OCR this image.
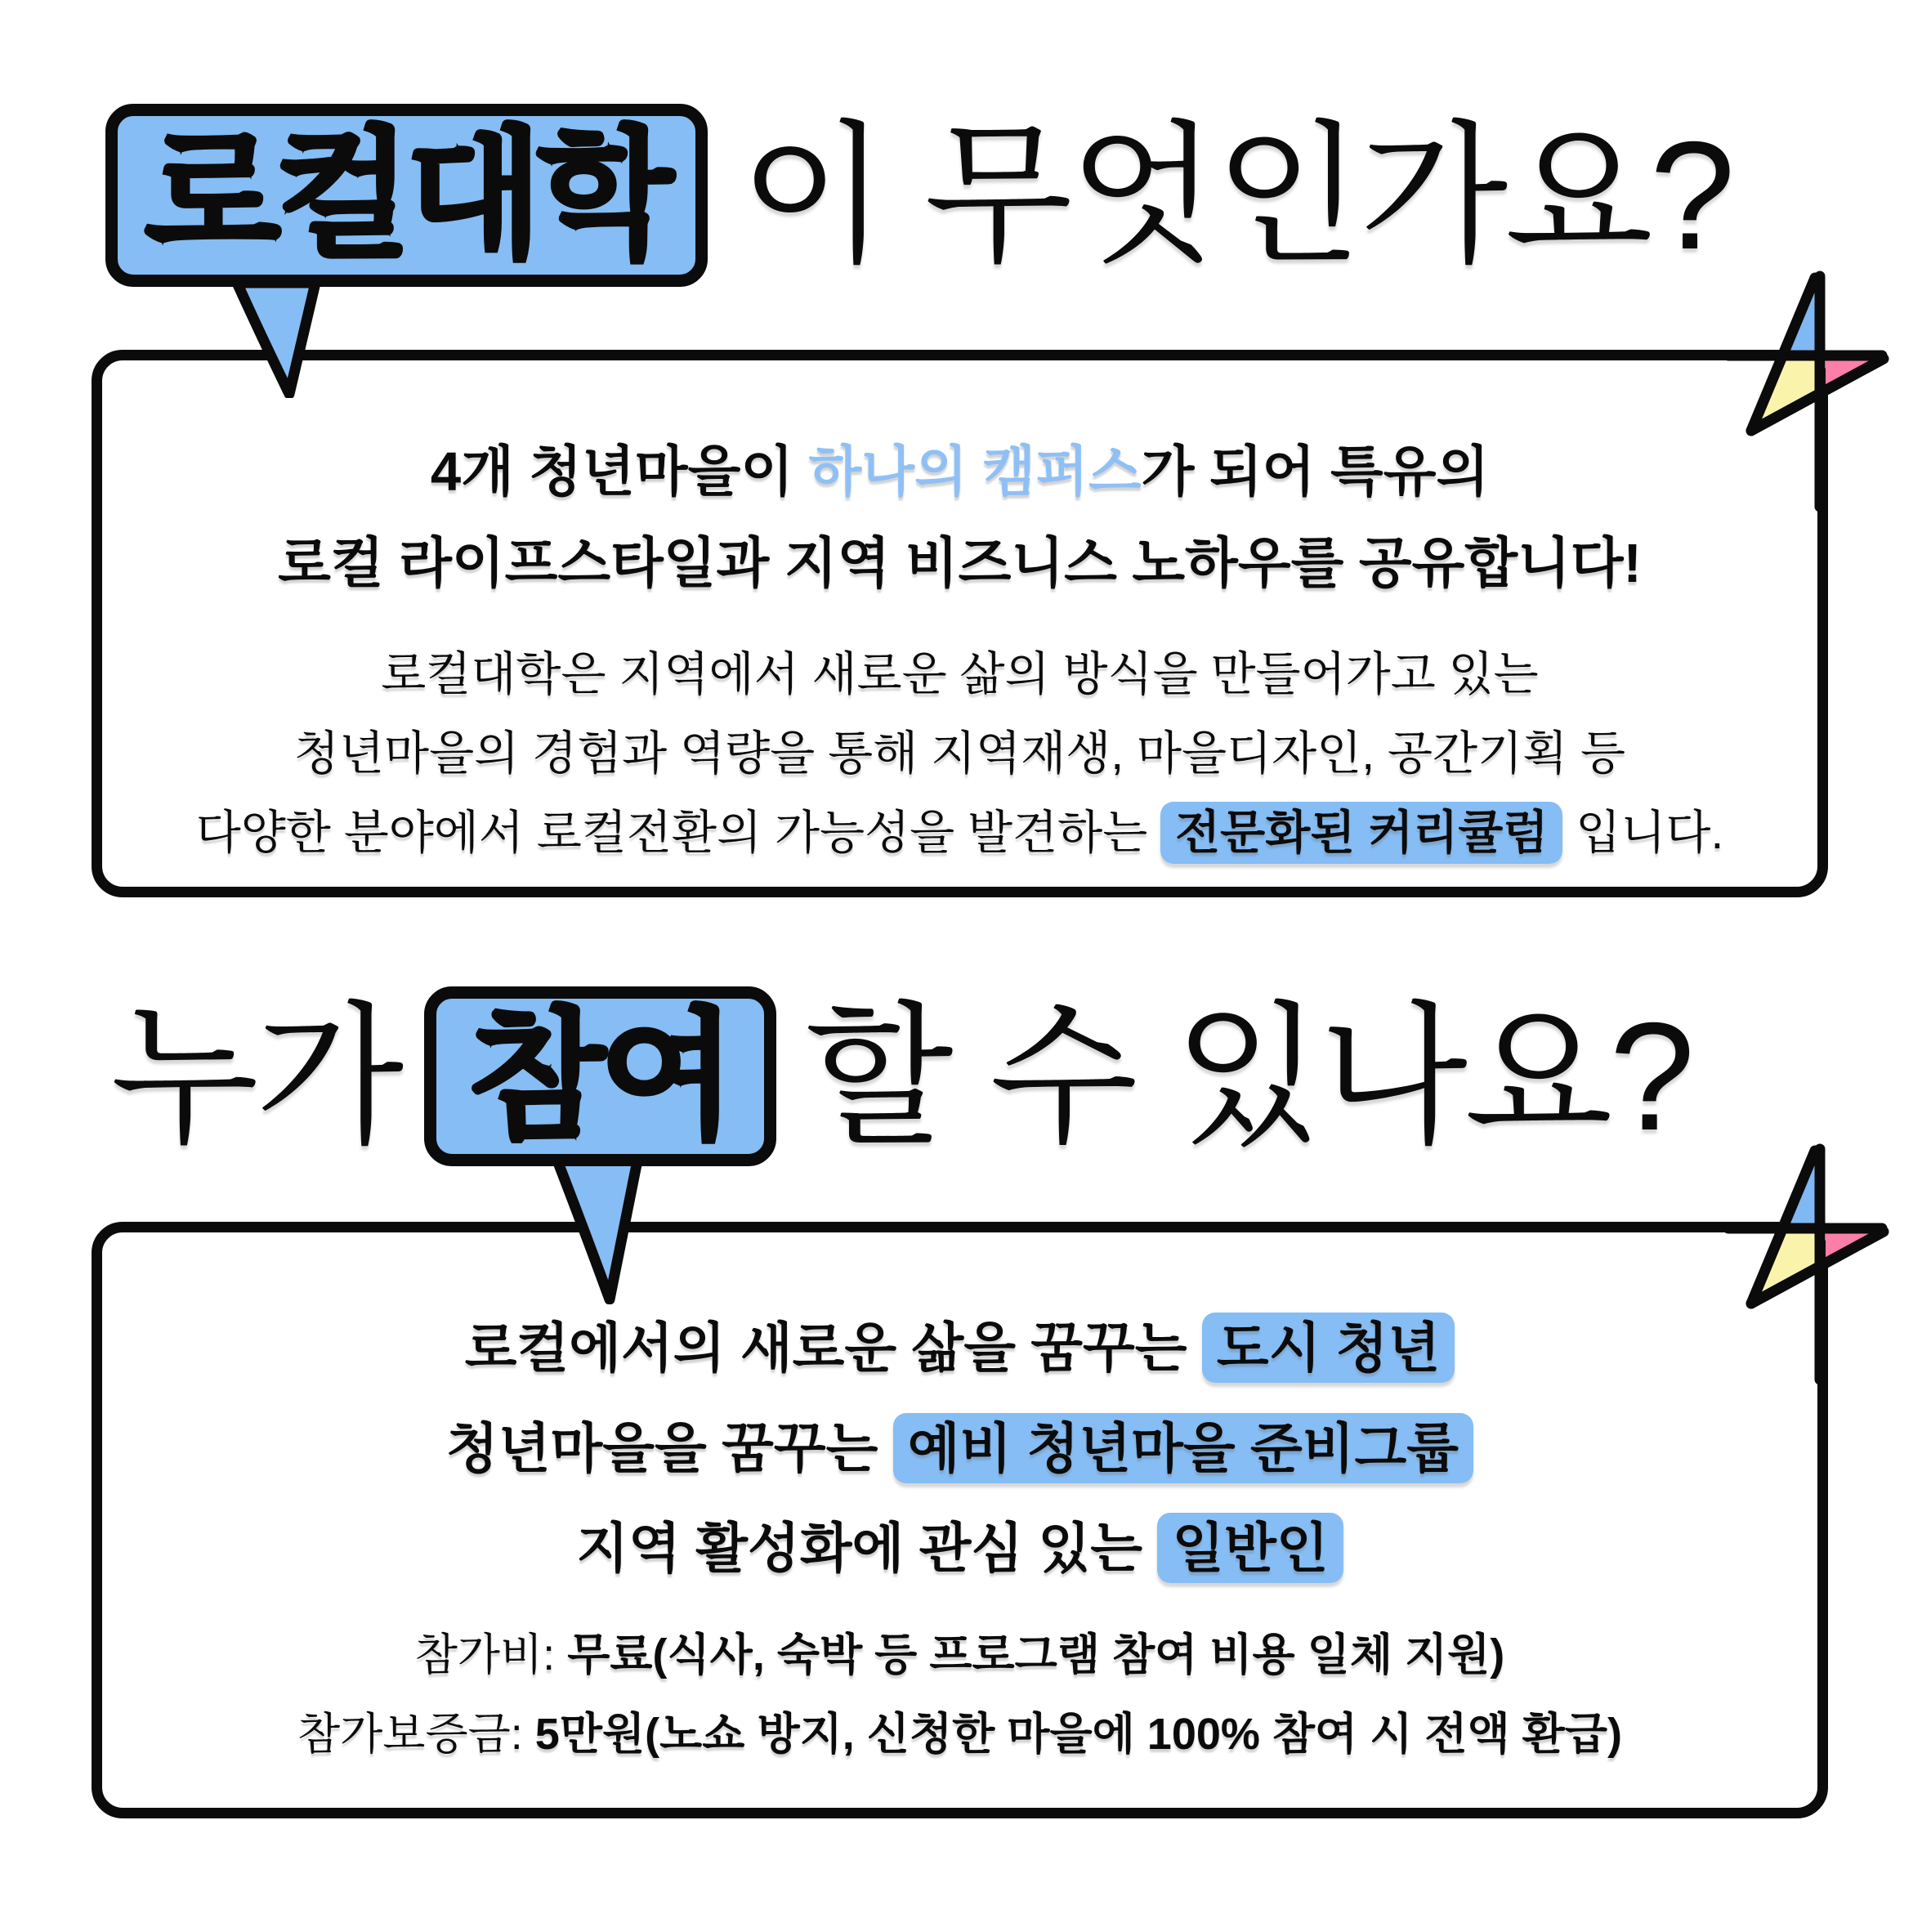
로컬대학 이 무엇인가요?
4개 청년마을이 하나의 캠퍼스가 되어 특유의
로컬 라이프스타일과 지역 비즈니스 노하우를 공유합니다!
로컬대학은 지역에서 새로운 삶의 방식을 만들어가고 있는
청년마을의 경험과 역량을 통해 지역재생, 마을디자인, 공간기획 등
다양한 분야에서 로컬전환의 가능성을 발견하는 전문화된 커리큘럼 입니다.
누가 참여 할 수 있나요?
로컬에서의 새로운 삶을 꿈꾸는 도시 청년
청년마을을 꿈꾸는 예비 청년마을 준비그룹
지역 활성화에 관심 있는 일반인
참가비: 무료(식사, 숙박 등 프로그램 참여 비용 일체 지원)
참가보증금: 5만원(노쇼 방지, 신청한 마을에 100% 참여 시 전액 환급)
